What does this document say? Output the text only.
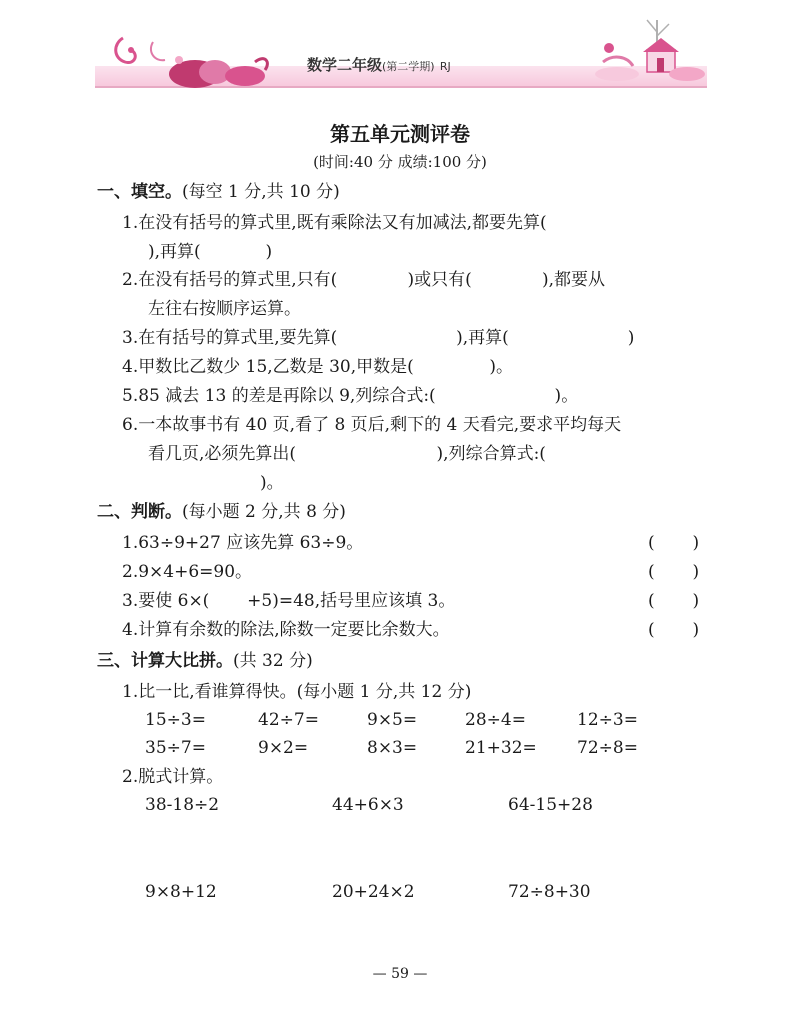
数学二年级(第二学期) RJ
第五单元测评卷
(时间:40 分 成绩:100 分)
一、填空。(每空 1 分,共 10 分)
1.在没有括号的算式里,既有乘除法又有加减法,都要先算(
),再算(            )
2.在没有括号的算式里,只有(             )或只有(             ),都要从
左往右按顺序运算。
3.在有括号的算式里,要先算(                      ),再算(                      )
4.甲数比乙数少 15,乙数是 30,甲数是(              )。
5.85 减去 13 的差是再除以 9,列综合式:(                      )。
6.一本故事书有 40 页,看了 8 页后,剩下的 4 天看完,要求平均每天
看几页,必须先算出(                          ),列综合算式:(
)。
二、判断。(每小题 2 分,共 8 分)
1.63÷9+27 应该先算 63÷9。	(       )
2.9×4+6=90。	(       )
3.要使 6×(       +5)=48,括号里应该填 3。	(       )
4.计算有余数的除法,除数一定要比余数大。	(       )
三、计算大比拼。(共 32 分)
1.比一比,看谁算得快。(每小题 1 分,共 12 分)
15÷3=	42÷7=	9×5=	28÷4=	12÷3=
35÷7=	9×2=	8×3=	21+32= 72÷8=
2.脱式计算。
38-18÷2	44+6×3	64-15+28
9×8+12	20+24×2	72÷8+30
— 59 —
